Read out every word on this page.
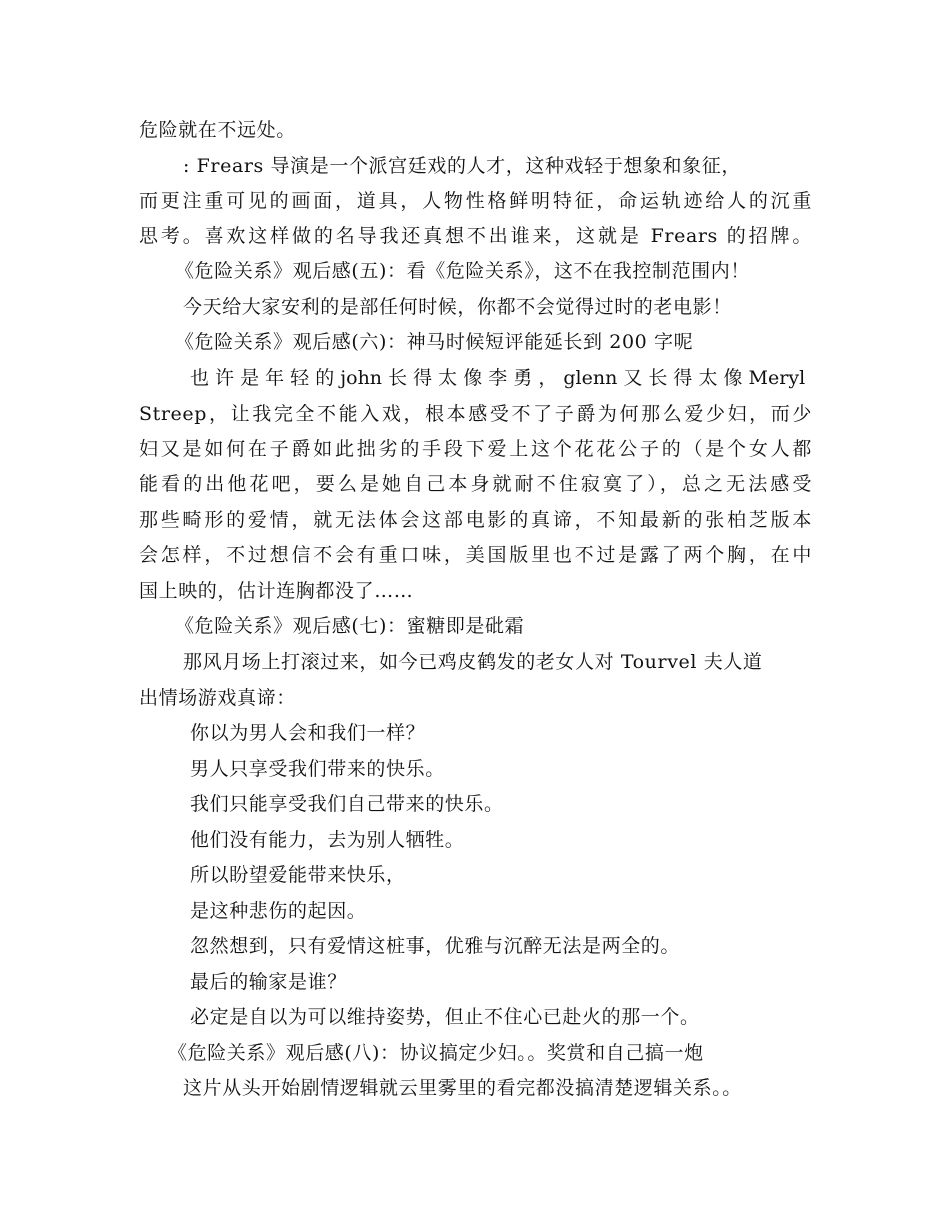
危险就在不远处。
: Frears 导演是一个派宫廷戏的人才，这种戏轻于想象和象征，
而更注重可见的画面，道具，人物性格鲜明特征，命运轨迹给人的沉重
思考。喜欢这样做的名导我还真想不出谁来，这就是 Frears 的招牌。
《危险关系》观后感(五)：看《危险关系》，这不在我控制范围内！
今天给大家安利的是部任何时候，你都不会觉得过时的老电影！
《危险关系》观后感(六)：神马时候短评能延长到 200 字呢
也 许 是 年 轻 的 john 长 得 太 像 李 勇 ， glenn 又 长 得 太 像 Meryl
Streep，让我完全不能入戏，根本感受不了子爵为何那么爱少妇，而少
妇又是如何在子爵如此拙劣的手段下爱上这个花花公子的（是个女人都
能看的出他花吧，要么是她自己本身就耐不住寂寞了），总之无法感受
那些畸形的爱情，就无法体会这部电影的真谛，不知最新的张柏芝版本
会怎样，不过想信不会有重口味，美国版里也不过是露了两个胸，在中
国上映的，估计连胸都没了……
《危险关系》观后感(七)：蜜糖即是砒霜
那风月场上打滚过来，如今已鸡皮鹤发的老女人对 Tourvel 夫人道
出情场游戏真谛：
你以为男人会和我们一样？
男人只享受我们带来的快乐。
我们只能享受我们自己带来的快乐。
他们没有能力，去为别人牺牲。
所以盼望爱能带来快乐，
是这种悲伤的起因。
忽然想到，只有爱情这桩事，优雅与沉醉无法是两全的。
最后的输家是谁？
必定是自以为可以维持姿势，但止不住心已赴火的那一个。
《危险关系》观后感(八)：协议搞定少妇。。奖赏和自己搞一炮
这片从头开始剧情逻辑就云里雾里的看完都没搞清楚逻辑关系。。
